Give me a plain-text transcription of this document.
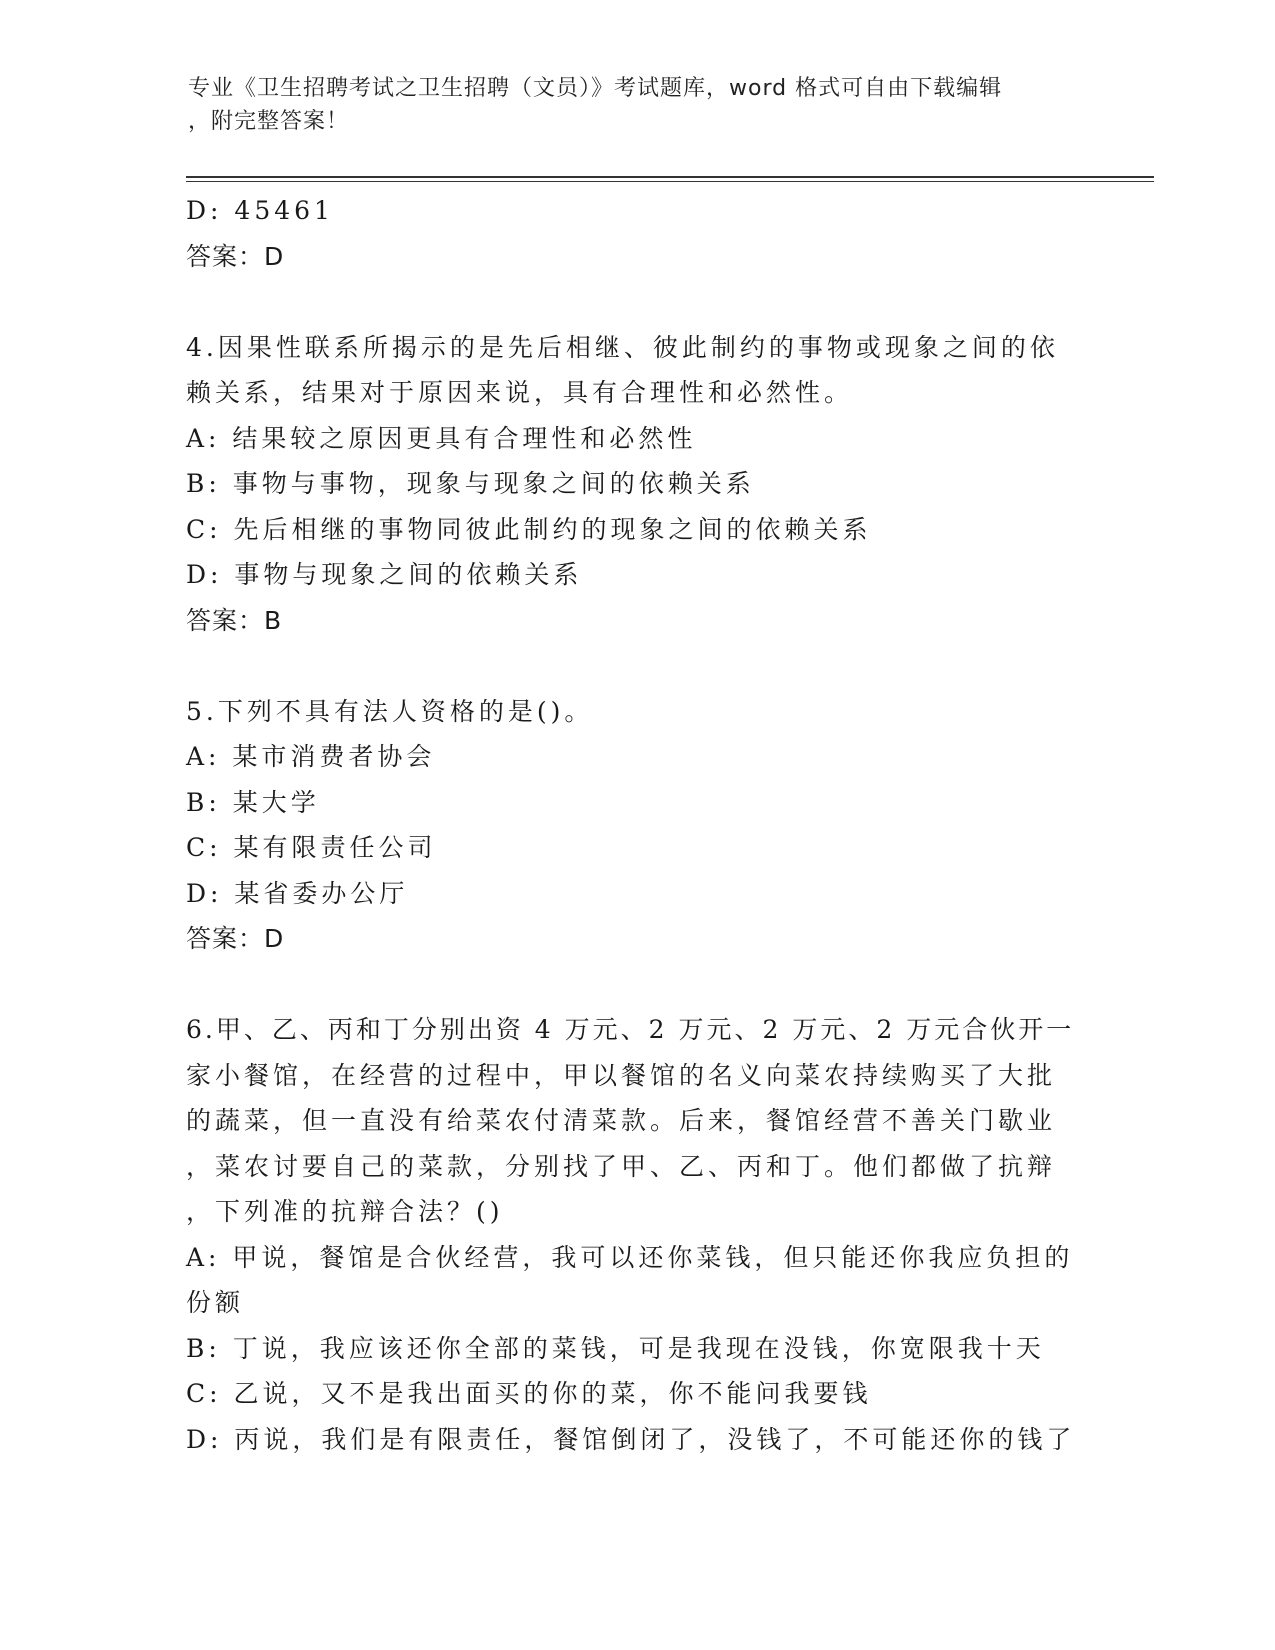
专业《卫生招聘考试之卫生招聘（文员）》考试题库，word 格式可自由下载编辑
，附完整答案！
D: 45461
答案：D
4.因果性联系所揭示的是先后相继、彼此制约的事物或现象之间的依
赖关系，结果对于原因来说，具有合理性和必然性。
A: 结果较之原因更具有合理性和必然性
B: 事物与事物，现象与现象之间的依赖关系
C: 先后相继的事物同彼此制约的现象之间的依赖关系
D: 事物与现象之间的依赖关系
答案：B
5.下列不具有法人资格的是()。
A: 某市消费者协会
B: 某大学
C: 某有限责任公司
D: 某省委办公厅
答案：D
6.甲、乙、丙和丁分别出资 4 万元、2 万元、2 万元、2 万元合伙开一
家小餐馆，在经营的过程中，甲以餐馆的名义向菜农持续购买了大批
的蔬菜，但一直没有给菜农付清菜款。后来，餐馆经营不善关门歇业
，菜农讨要自己的菜款，分别找了甲、乙、丙和丁。他们都做了抗辩
，下列准的抗辩合法？()
A: 甲说，餐馆是合伙经营，我可以还你菜钱，但只能还你我应负担的
份额
B: 丁说，我应该还你全部的菜钱，可是我现在没钱，你宽限我十天
C: 乙说，又不是我出面买的你的菜，你不能问我要钱
D: 丙说，我们是有限责任，餐馆倒闭了，没钱了，不可能还你的钱了
